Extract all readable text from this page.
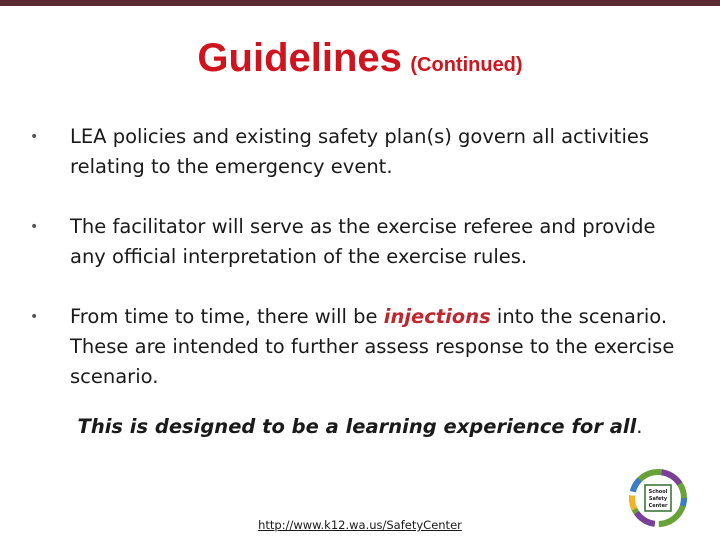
Guidelines (Continued)
•	LEA policies and existing safety plan(s) govern all activities relating to the emergency event.
•	The facilitator will serve as the exercise referee and provide any official interpretation of the exercise rules.
•	From time to time, there will be injections into the scenario. These are intended to further assess response to the exercise scenario.
This is designed to be a learning experience for all.
http://www.k12.wa.us/SafetyCenter
School
Safety
Center
